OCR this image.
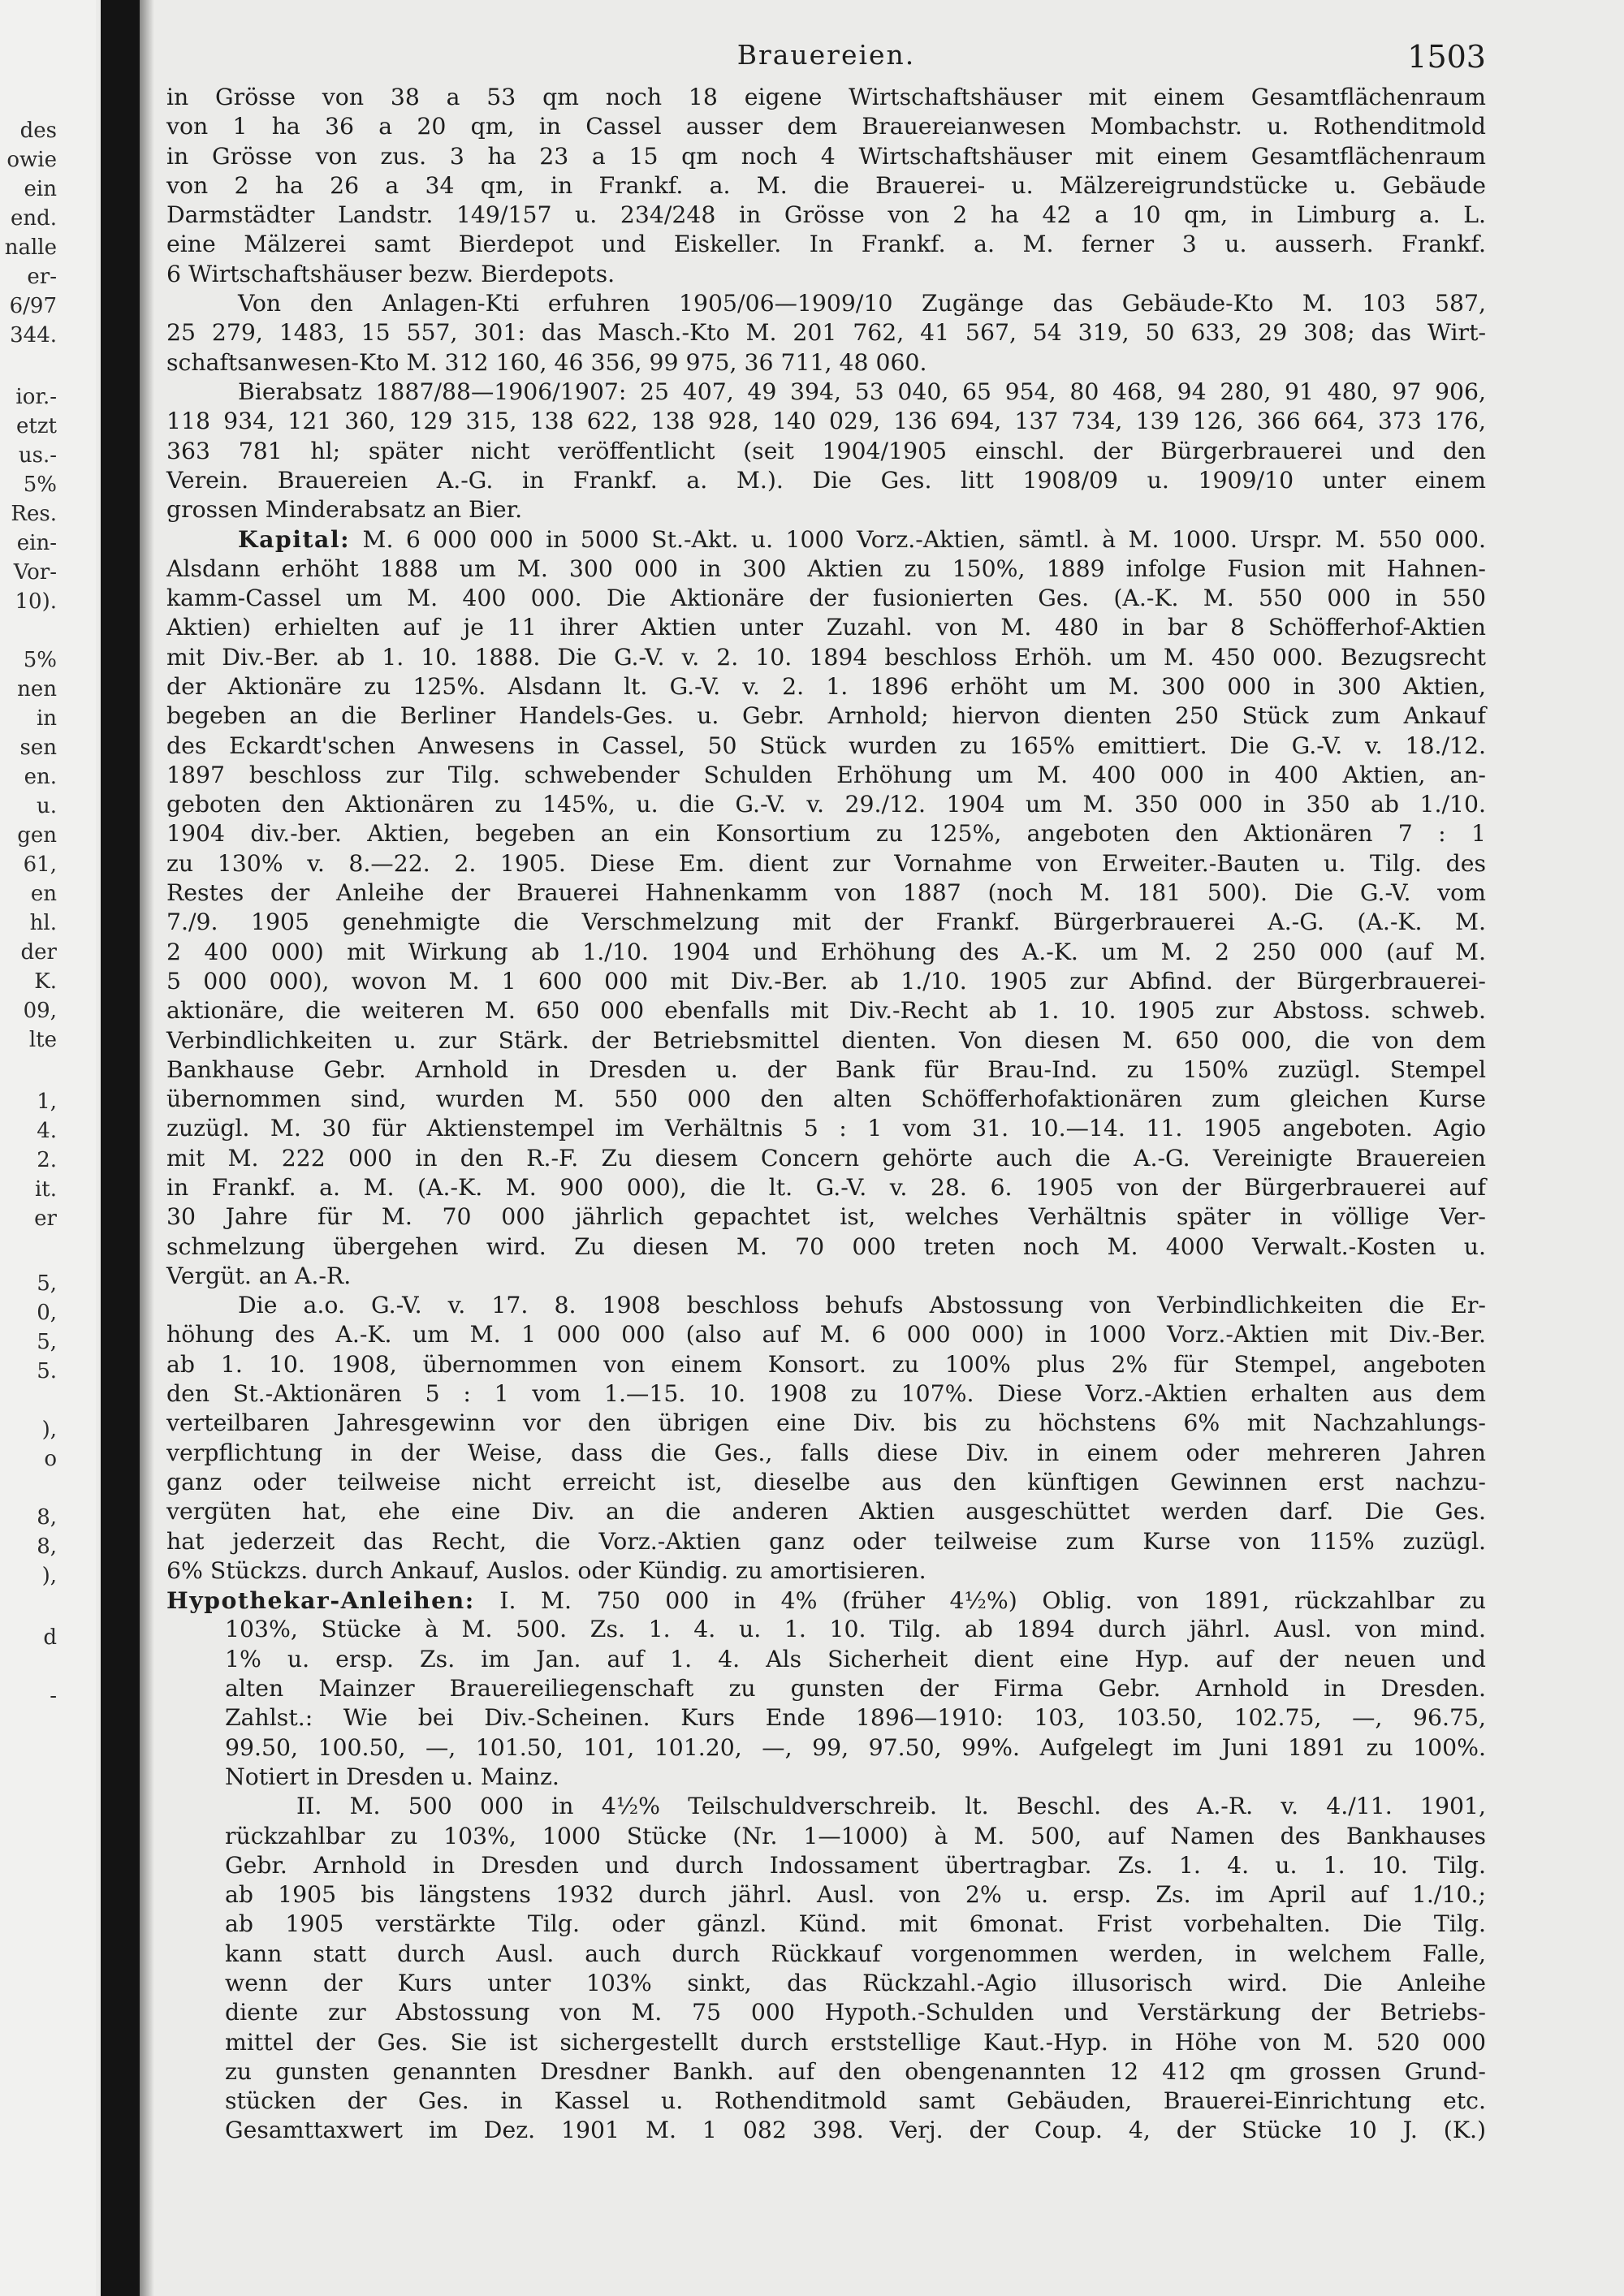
des
owie
ein
end.
nalle
er-
6/97
344.
ior.-
etzt
us.-
5%
Res.
ein-
Vor-
10).
5%
nen
in
sen
en.
u.
gen
61,
en
hl.
der
K.
09,
lte
1,
4.
2.
it.
er
5,
0,
5,
5.
),
o
8,
8,
),
d
-
Brauereien.	1503
in Grösse von 38 a 53 qm noch 18 eigene Wirtschaftshäuser mit einem Gesamtflächenraum
von 1 ha 36 a 20 qm, in Cassel ausser dem Brauereianwesen Mombachstr. u. Rothenditmold
in Grösse von zus. 3 ha 23 a 15 qm noch 4 Wirtschaftshäuser mit einem Gesamtflächenraum
von 2 ha 26 a 34 qm, in Frankf. a. M. die Brauerei- u. Mälzereigrundstücke u. Gebäude
Darmstädter Landstr. 149/157 u. 234/248 in Grösse von 2 ha 42 a 10 qm, in Limburg a. L.
eine Mälzerei samt Bierdepot und Eiskeller. In Frankf. a. M. ferner 3 u. ausserh. Frankf.
6 Wirtschaftshäuser bezw. Bierdepots.
Von den Anlagen-Kti erfuhren 1905/06—1909/10 Zugänge das Gebäude-Kto M. 103 587,
25 279, 1483, 15 557, 301: das Masch.-Kto M. 201 762, 41 567, 54 319, 50 633, 29 308; das Wirt-
schaftsanwesen-Kto M. 312 160, 46 356, 99 975, 36 711, 48 060.
Bierabsatz 1887/88—1906/1907: 25 407, 49 394, 53 040, 65 954, 80 468, 94 280, 91 480, 97 906,
118 934, 121 360, 129 315, 138 622, 138 928, 140 029, 136 694, 137 734, 139 126, 366 664, 373 176,
363 781 hl; später nicht veröffentlicht (seit 1904/1905 einschl. der Bürgerbrauerei und den
Verein. Brauereien A.-G. in Frankf. a. M.). Die Ges. litt 1908/09 u. 1909/10 unter einem
grossen Minderabsatz an Bier.
Kapital: M. 6 000 000 in 5000 St.-Akt. u. 1000 Vorz.-Aktien, sämtl. à M. 1000. Urspr. M. 550 000.
Alsdann erhöht 1888 um M. 300 000 in 300 Aktien zu 150%, 1889 infolge Fusion mit Hahnen-
kamm-Cassel um M. 400 000. Die Aktionäre der fusionierten Ges. (A.-K. M. 550 000 in 550
Aktien) erhielten auf je 11 ihrer Aktien unter Zuzahl. von M. 480 in bar 8 Schöfferhof-Aktien
mit Div.-Ber. ab 1. 10. 1888. Die G.-V. v. 2. 10. 1894 beschloss Erhöh. um M. 450 000. Bezugsrecht
der Aktionäre zu 125%. Alsdann lt. G.-V. v. 2. 1. 1896 erhöht um M. 300 000 in 300 Aktien,
begeben an die Berliner Handels-Ges. u. Gebr. Arnhold; hiervon dienten 250 Stück zum Ankauf
des Eckardt'schen Anwesens in Cassel, 50 Stück wurden zu 165% emittiert. Die G.-V. v. 18./12.
1897 beschloss zur Tilg. schwebender Schulden Erhöhung um M. 400 000 in 400 Aktien, an-
geboten den Aktionären zu 145%, u. die G.-V. v. 29./12. 1904 um M. 350 000 in 350 ab 1./10.
1904 div.-ber. Aktien, begeben an ein Konsortium zu 125%, angeboten den Aktionären 7 : 1
zu 130% v. 8.—22. 2. 1905. Diese Em. dient zur Vornahme von Erweiter.-Bauten u. Tilg. des
Restes der Anleihe der Brauerei Hahnenkamm von 1887 (noch M. 181 500). Die G.-V. vom
7./9. 1905 genehmigte die Verschmelzung mit der Frankf. Bürgerbrauerei A.-G. (A.-K. M.
2 400 000) mit Wirkung ab 1./10. 1904 und Erhöhung des A.-K. um M. 2 250 000 (auf M.
5 000 000), wovon M. 1 600 000 mit Div.-Ber. ab 1./10. 1905 zur Abfind. der Bürgerbrauerei-
aktionäre, die weiteren M. 650 000 ebenfalls mit Div.-Recht ab 1. 10. 1905 zur Abstoss. schweb.
Verbindlichkeiten u. zur Stärk. der Betriebsmittel dienten. Von diesen M. 650 000, die von dem
Bankhause Gebr. Arnhold in Dresden u. der Bank für Brau-Ind. zu 150% zuzügl. Stempel
übernommen sind, wurden M. 550 000 den alten Schöfferhofaktionären zum gleichen Kurse
zuzügl. M. 30 für Aktienstempel im Verhältnis 5 : 1 vom 31. 10.—14. 11. 1905 angeboten. Agio
mit M. 222 000 in den R.-F. Zu diesem Concern gehörte auch die A.-G. Vereinigte Brauereien
in Frankf. a. M. (A.-K. M. 900 000), die lt. G.-V. v. 28. 6. 1905 von der Bürgerbrauerei auf
30 Jahre für M. 70 000 jährlich gepachtet ist, welches Verhältnis später in völlige Ver-
schmelzung übergehen wird. Zu diesen M. 70 000 treten noch M. 4000 Verwalt.-Kosten u.
Vergüt. an A.-R.
Die a.o. G.-V. v. 17. 8. 1908 beschloss behufs Abstossung von Verbindlichkeiten die Er-
höhung des A.-K. um M. 1 000 000 (also auf M. 6 000 000) in 1000 Vorz.-Aktien mit Div.-Ber.
ab 1. 10. 1908, übernommen von einem Konsort. zu 100% plus 2% für Stempel, angeboten
den St.-Aktionären 5 : 1 vom 1.—15. 10. 1908 zu 107%. Diese Vorz.-Aktien erhalten aus dem
verteilbaren Jahresgewinn vor den übrigen eine Div. bis zu höchstens 6% mit Nachzahlungs-
verpflichtung in der Weise, dass die Ges., falls diese Div. in einem oder mehreren Jahren
ganz oder teilweise nicht erreicht ist, dieselbe aus den künftigen Gewinnen erst nachzu-
vergüten hat, ehe eine Div. an die anderen Aktien ausgeschüttet werden darf. Die Ges.
hat jederzeit das Recht, die Vorz.-Aktien ganz oder teilweise zum Kurse von 115% zuzügl.
6% Stückzs. durch Ankauf, Auslos. oder Kündig. zu amortisieren.
Hypothekar-Anleihen: I. M. 750 000 in 4% (früher 4½%) Oblig. von 1891, rückzahlbar zu
103%, Stücke à M. 500. Zs. 1. 4. u. 1. 10. Tilg. ab 1894 durch jährl. Ausl. von mind.
1% u. ersp. Zs. im Jan. auf 1. 4. Als Sicherheit dient eine Hyp. auf der neuen und
alten Mainzer Brauereiliegenschaft zu gunsten der Firma Gebr. Arnhold in Dresden.
Zahlst.: Wie bei Div.-Scheinen. Kurs Ende 1896—1910: 103, 103.50, 102.75, —, 96.75,
99.50, 100.50, —, 101.50, 101, 101.20, —, 99, 97.50, 99%. Aufgelegt im Juni 1891 zu 100%.
Notiert in Dresden u. Mainz.
II. M. 500 000 in 4½% Teilschuldverschreib. lt. Beschl. des A.-R. v. 4./11. 1901,
rückzahlbar zu 103%, 1000 Stücke (Nr. 1—1000) à M. 500, auf Namen des Bankhauses
Gebr. Arnhold in Dresden und durch Indossament übertragbar. Zs. 1. 4. u. 1. 10. Tilg.
ab 1905 bis längstens 1932 durch jährl. Ausl. von 2% u. ersp. Zs. im April auf 1./10.;
ab 1905 verstärkte Tilg. oder gänzl. Künd. mit 6monat. Frist vorbehalten. Die Tilg.
kann statt durch Ausl. auch durch Rückkauf vorgenommen werden, in welchem Falle,
wenn der Kurs unter 103% sinkt, das Rückzahl.-Agio illusorisch wird. Die Anleihe
diente zur Abstossung von M. 75 000 Hypoth.-Schulden und Verstärkung der Betriebs-
mittel der Ges. Sie ist sichergestellt durch erststellige Kaut.-Hyp. in Höhe von M. 520 000
zu gunsten genannten Dresdner Bankh. auf den obengenannten 12 412 qm grossen Grund-
stücken der Ges. in Kassel u. Rothenditmold samt Gebäuden, Brauerei-Einrichtung etc.
Gesamttaxwert im Dez. 1901 M. 1 082 398. Verj. der Coup. 4, der Stücke 10 J. (K.)
